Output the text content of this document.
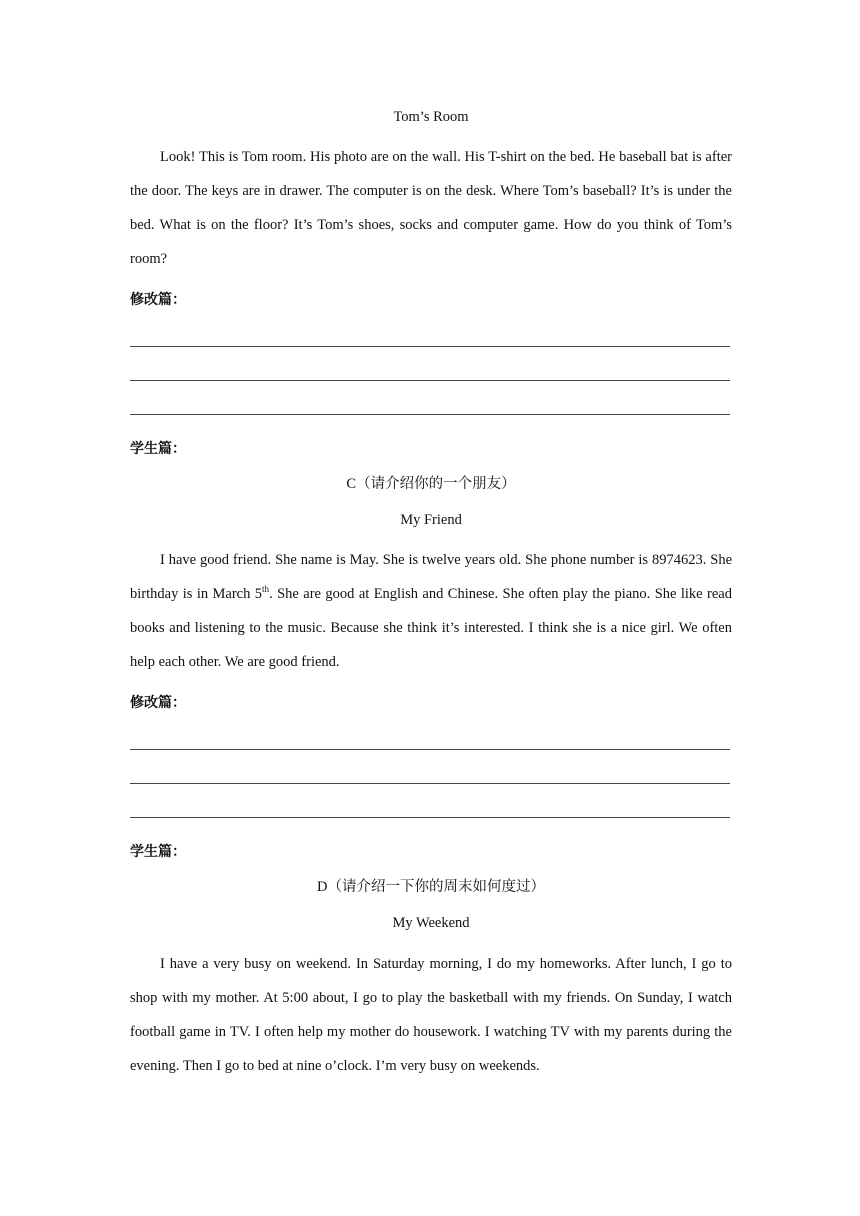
Tom’s Room

Look! This is Tom room. His photo are on the wall. His T-shirt on the bed. He baseball bat is after the door. The keys are in drawer. The computer is on the desk. Where Tom’s baseball? It’s is under the bed. What is on the floor? It’s Tom’s shoes, socks and computer game. How do you think of Tom’s room?

修改篇：
学生篇：
C（请介绍你的一个朋友）
My Friend

I have good friend. She name is May. She is twelve years old. She phone number is 8974623. She birthday is in March 5th. She are good at English and Chinese. She often play the piano. She like read books and listening to the music. Because she think it’s interested. I think she is a nice girl. We often help each other. We are good friend.

修改篇：
学生篇：
D（请介绍一下你的周末如何度过）
My Weekend

I have a very busy on weekend. In Saturday morning, I do my homeworks. After lunch, I go to shop with my mother. At 5:00 about, I go to play the basketball with my friends. On Sunday, I watch football game in TV. I often help my mother do housework. I watching TV with my parents during the evening. Then I go to bed at nine o’clock. I’m very busy on weekends.
